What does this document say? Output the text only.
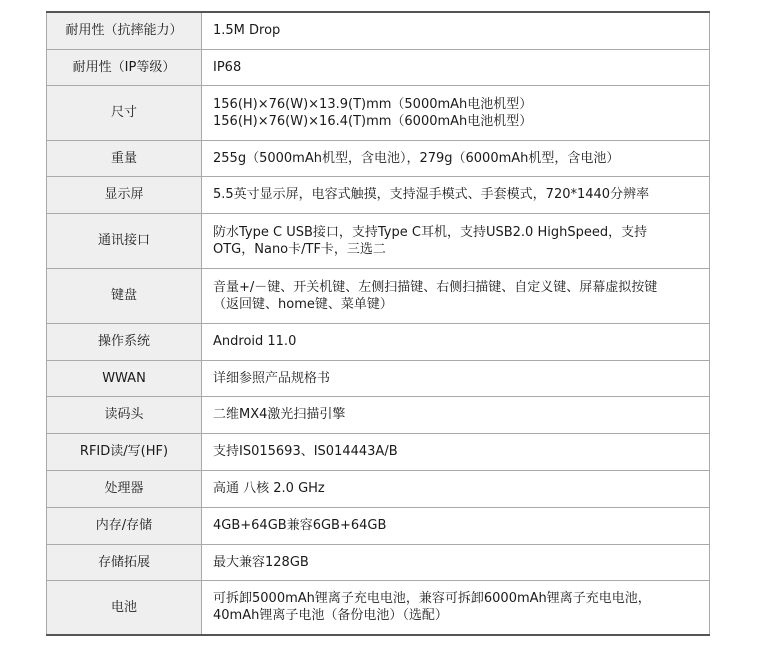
耐用性（抗摔能力）	1.5M Drop
耐用性（IP等级）	IP68
尺寸	156(H)×76(W)×13.9(T)mm（5000mAh电池机型）
156(H)×76(W)×16.4(T)mm（6000mAh电池机型）

重量	255g（5000mAh机型，含电池），279g（6000mAh机型，含电池）
显示屏	5.5英寸显示屏，电容式触摸，支持湿手模式、手套模式，720*1440分辨率
通讯接口	防水Type C USB接口，支持Type C耳机，支持USB2.0 HighSpeed，支持
OTG，Nano卡/TF卡，三选二

键盘	音量+/－键、开关机键、左侧扫描键、右侧扫描键、自定义键、屏幕虚拟按键
（返回键、home键、菜单键）

操作系统	Android 11.0
WWAN	详细参照产品规格书
读码头	二维MX4激光扫描引擎
RFID读/写(HF)	支持IS015693、IS014443A/B
处理器	高通 八核 2.0 GHz
内存/存储	4GB+64GB兼容6GB+64GB
存储拓展	最大兼容128GB
电池	可拆卸5000mAh锂离子充电电池，兼容可拆卸6000mAh锂离子充电电池，
40mAh锂离子电池（备份电池）（选配）
